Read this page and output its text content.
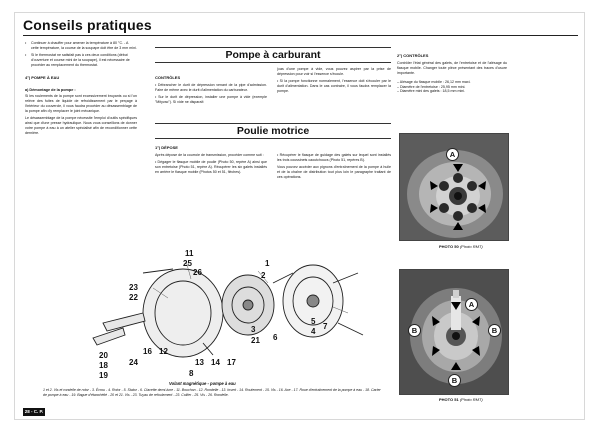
Conseils pratiques
• Continuer à chauffer pour amener la température à 80 °C. - A cette température, la course de la soupape doit être de 3 mm mini.
• Si le thermostat ne satisfait pas à ces deux conditions (début d'ouverture et course mini de la soupape), il est nécessaire de procéder au remplacement du thermostat.
4°) POMPE À EAU
a) Démontage de la pompe :
Si les roulements de la pompe sont excessivement bruyants ou si l'on relève des fuites de liquide de refroidissement par le perçage à l'intérieur du couvercle, il vous faudra procéder au désassemblage de la pompe afin d'y remplacer le joint mécanique.
Le désassemblage de la pompe nécessite l'emploi d'outils spécifiques ainsi que d'une presse hydraulique. Nous vous conseillons de donner votre pompe à eau à un atelier spécialisé afin de reconditionner cette dernière.
Pompe à carburant
CONTRÔLES
• Débrancher le durit de dépression venant de la pipe d'admission. Faire de même avec le durit d'alimentation du carburateur.
• Sur le durit de dépression, installer une pompe à vide (exemple "Mityvac"). Si vide ne disparaît
(cas d'une pompe à vide, vous pouvez aspirer par la prise de dépression pour voir si l'essence s'écoule.
• Si la pompe fonctionne normalement, l'essence doit s'écouler par le durit d'alimentation. Dans le cas contraire, il vous faudra remplacer la pompe.
Poulie motrice
1°) DÉPOSE
Après dépose de la courroie de transmission, procéder comme suit :
• Dégager le flasque mobile de poulie (Photo 50, repère A) ainsi que son entretoise (Photo 51, repère A). Récupérer les six galets installés en arrière le flasque mobile (Photos 50 et 51, flèches).
• Récupérer le flasque de guidage des galets sur lequel sont installés les trois coussinets caoutchoucs (Photo 51, repères B).
Vous pouvez accéder aux pignons d'entraînement de la pompe à huile et de la chaîne de distribution tout plus loin le paragraphe traitant de ces opérations.
2°) CONTRÔLES
Contrôler l'état général des galets, de l'entretoise et de l'alésage du flasque mobile. Changer toute pièce présentant des traces d'usure importante.
– Alésage du flasque mobile : 26,12 mm maxi.
– Diamètre de l'entretoise : 25,95 mm mini.
– Diamètre mini des galets : 18,5 mm mini.
A
PHOTO 50 (Photo RMT)
A
B	B
B
PHOTO 51 (Photo RMT)
11
25
26
1
2
23
22
3
21 6
5
4
7
16 12
24	13 14 17
8
20
18
19
Volant magnétique - pompe à eau
1 et 2. Vis et rondelle de rotor - 3. Écrou - 4. Rotor - 5. Stator - 6. Clavette demi-lune - 11. Bouchon - 12. Rondelle - 13. Insert - 14. Roulement - 15. Vis - 16. Axe - 17. Roue d'entraînement de la pompe à eau - 18. Carter de pompe à eau - 19. Bague d'étanchéité - 20 et 21. Vis - 23. Tuyau de refoulement - 23. Collier - 25. Vis - 26. Rondelle.
28 - C. P.
